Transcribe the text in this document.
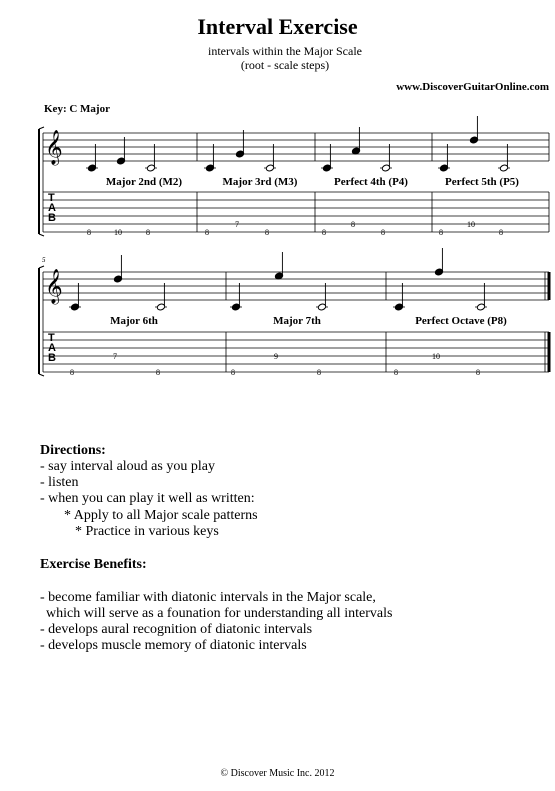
Interval Exercise
intervals within the Major Scale
(root - scale steps)
www.DiscoverGuitarOnline.com
Key: C Major
𝄞
T
A
B
Major 2nd (M2)
8	10	8
Major 3rd (M3)
8
7
8
Perfect 4th (P4)
8
8
8
Perfect 5th (P5)
8
10
8
𝄞
T
A
B
Major 6th
8
7
8
Major 7th
8
9
8
Perfect Octave (P8)
8
10
8
5
Directions:
- say interval aloud as you play
- listen
- when you can play it well as written:
* Apply to all Major scale patterns
* Practice in various keys
Exercise Benefits:
- become familiar with diatonic intervals in the Major scale,
which will serve as a founation for understanding all intervals
- develops aural recognition of diatonic intervals
- develops muscle memory of diatonic intervals
© Discover Music Inc. 2012
